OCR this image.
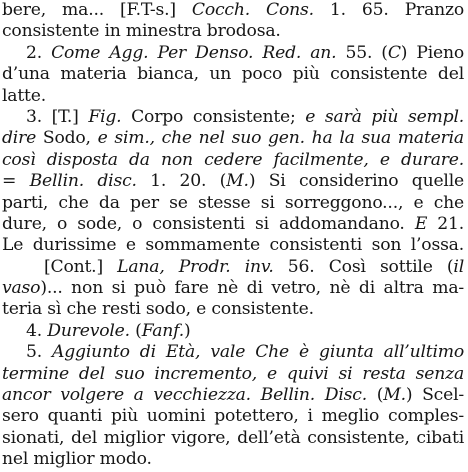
bere, ma... [F.T-s.] Cocch. Cons. 1. 65. Pranzo
consistente in minestra brodosa.
2. Come Agg. Per Denso. Red. an. 55. (C) Pieno
d’una materia bianca, un poco più consistente del
latte.
3. [T.] Fig. Corpo consistente; e sarà più sempl.
dire Sodo, e sim., che nel suo gen. ha la sua materia
così disposta da non cedere facilmente, e durare.
= Bellin. disc. 1. 20. (M.) Si considerino quelle
parti, che da per se stesse si sorreggono..., e che
dure, o sode, o consistenti si addomandano. E 21.
Le durissime e sommamente consistenti son l’ossa.
[Cont.] Lana, Prodr. inv. 56. Così sottile (il
vaso)... non si può fare nè di vetro, nè di altra ma-
teria sì che resti sodo, e consistente.
4. Durevole. (Fanf.)
5. Aggiunto di Età, vale Che è giunta all’ultimo
termine del suo incremento, e quivi si resta senza
ancor volgere a vecchiezza. Bellin. Disc. (M.) Scel-
sero quanti più uomini potettero, i meglio comples-
sionati, del miglior vigore, dell’età consistente, cibati
nel miglior modo.
